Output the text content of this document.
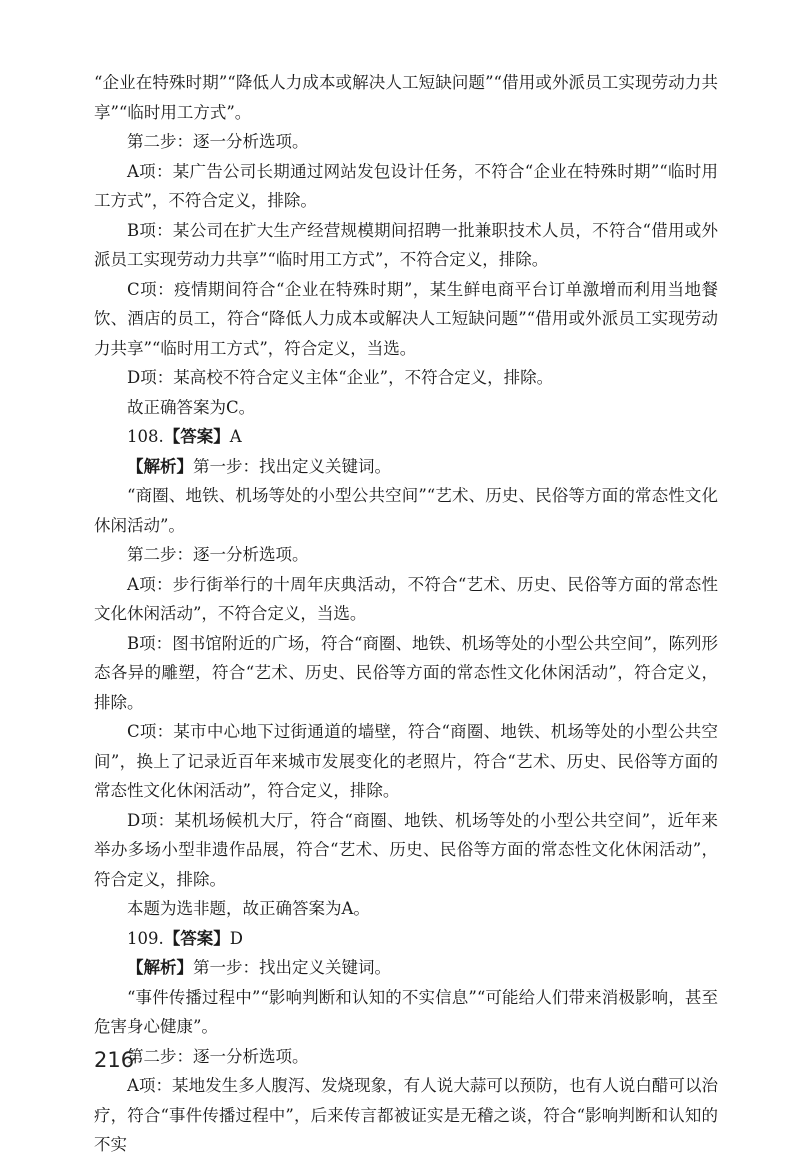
“企业在特殊时期”“降低人力成本或解决人工短缺问题”“借用或外派员工实现劳动力共享”“临时用工方式”。

第二步：逐一分析选项。

A项：某广告公司长期通过网站发包设计任务，不符合“企业在特殊时期”“临时用工方式”，不符合定义，排除。

B项：某公司在扩大生产经营规模期间招聘一批兼职技术人员，不符合“借用或外派员工实现劳动力共享”“临时用工方式”，不符合定义，排除。

C项：疫情期间符合“企业在特殊时期”，某生鲜电商平台订单激增而利用当地餐饮、酒店的员工，符合“降低人力成本或解决人工短缺问题”“借用或外派员工实现劳动力共享”“临时用工方式”，符合定义，当选。

D项：某高校不符合定义主体“企业”，不符合定义，排除。

故正确答案为C。

108.【答案】A

【解析】第一步：找出定义关键词。

“商圈、地铁、机场等处的小型公共空间”“艺术、历史、民俗等方面的常态性文化休闲活动”。

第二步：逐一分析选项。

A项：步行街举行的十周年庆典活动，不符合“艺术、历史、民俗等方面的常态性文化休闲活动”，不符合定义，当选。

B项：图书馆附近的广场，符合“商圈、地铁、机场等处的小型公共空间”，陈列形态各异的雕塑，符合“艺术、历史、民俗等方面的常态性文化休闲活动”，符合定义，排除。

C项：某市中心地下过街通道的墙壁，符合“商圈、地铁、机场等处的小型公共空间”，换上了记录近百年来城市发展变化的老照片，符合“艺术、历史、民俗等方面的常态性文化休闲活动”，符合定义，排除。

D项：某机场候机大厅，符合“商圈、地铁、机场等处的小型公共空间”，近年来举办多场小型非遗作品展，符合“艺术、历史、民俗等方面的常态性文化休闲活动”，符合定义，排除。

本题为选非题，故正确答案为A。

109.【答案】D

【解析】第一步：找出定义关键词。

“事件传播过程中”“影响判断和认知的不实信息”“可能给人们带来消极影响，甚至危害身心健康”。

第二步：逐一分析选项。

A项：某地发生多人腹泻、发烧现象，有人说大蒜可以预防，也有人说白醋可以治疗，符合“事件传播过程中”，后来传言都被证实是无稽之谈，符合“影响判断和认知的不实

216
